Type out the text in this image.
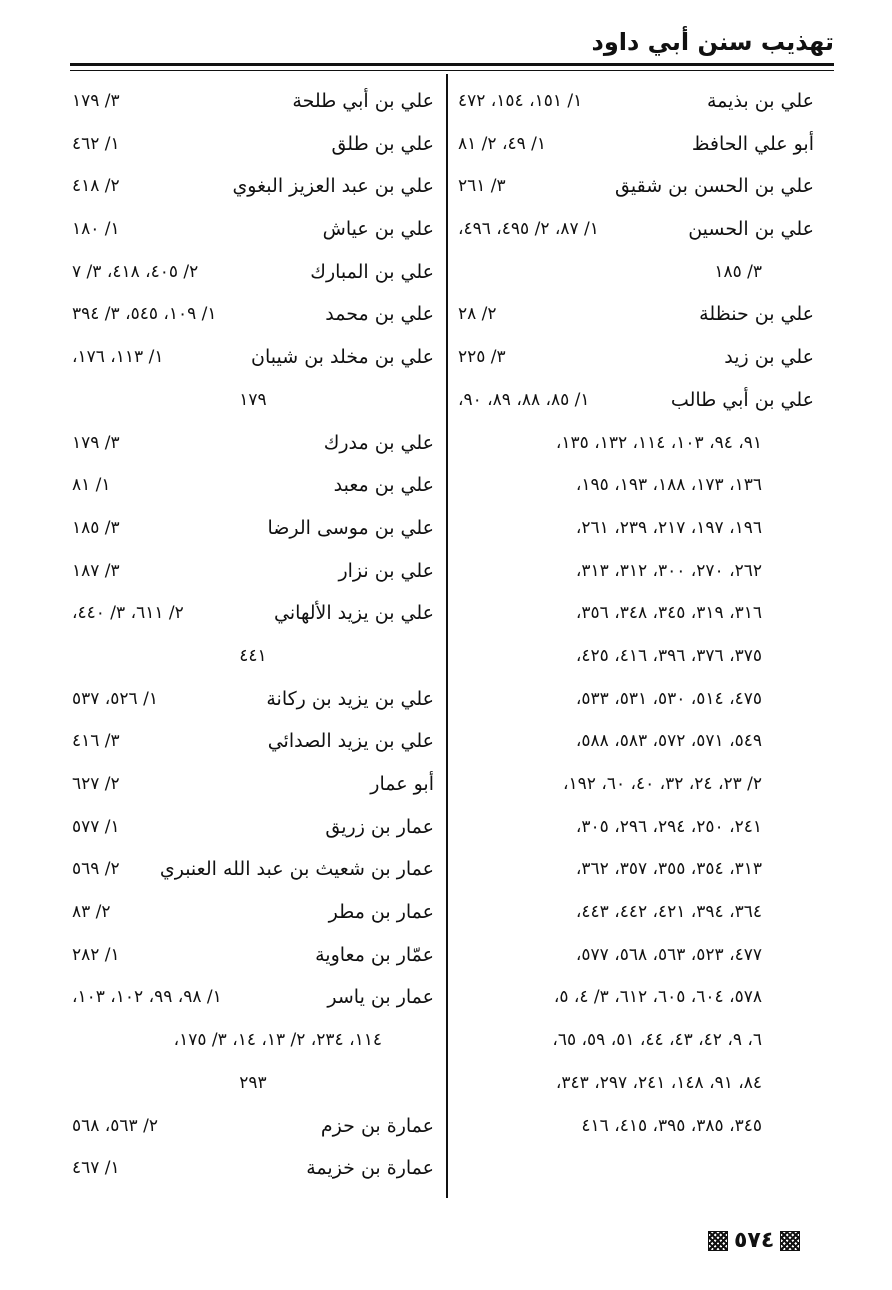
تهذيب سنن أبي داود
علي بن بذيمة
١/ ١٥١، ١٥٤، ٤٧٢
أبو علي الحافظ
١/ ٤٩، ٢/ ٨١
علي بن الحسن بن شقيق
٣/ ٢٦١
علي بن الحسين
١/ ٨٧، ٢/ ٤٩٥، ٤٩٦،
٣/ ١٨٥
علي بن حنظلة
٢/ ٢٨
علي بن زيد
٣/ ٢٢٥
علي بن أبي طالب
١/ ٨٥، ٨٨، ٨٩، ٩٠،
٩١، ٩٤، ١٠٣، ١١٤، ١٣٢، ١٣٥،
١٣٦، ١٧٣، ١٨٨، ١٩٣، ١٩٥،
١٩٦، ١٩٧، ٢١٧، ٢٣٩، ٢٦١،
٢٦٢، ٢٧٠، ٣٠٠، ٣١٢، ٣١٣،
٣١٦، ٣١٩، ٣٤٥، ٣٤٨، ٣٥٦،
٣٧٥، ٣٧٦، ٣٩٦، ٤١٦، ٤٢٥،
٤٧٥، ٥١٤، ٥٣٠، ٥٣١، ٥٣٣،
٥٤٩، ٥٧١، ٥٧٢، ٥٨٣، ٥٨٨،
٢/ ٢٣، ٢٤، ٣٢، ٤٠، ٦٠، ١٩٢،
٢٤١، ٢٥٠، ٢٩٤، ٢٩٦، ٣٠٥،
٣١٣، ٣٥٤، ٣٥٥، ٣٥٧، ٣٦٢،
٣٦٤، ٣٩٤، ٤٢١، ٤٤٢، ٤٤٣،
٤٧٧، ٥٢٣، ٥٦٣، ٥٦٨، ٥٧٧،
٥٧٨، ٦٠٤، ٦٠٥، ٦١٢، ٣/ ٤، ٥،
٦، ٩، ٤٢، ٤٣، ٤٤، ٥١، ٥٩، ٦٥،
٨٤، ٩١، ١٤٨، ٢٤١، ٢٩٧، ٣٤٣،
٣٤٥، ٣٨٥، ٣٩٥، ٤١٥، ٤١٦
علي بن أبي طلحة
٣/ ١٧٩
علي بن طلق
١/ ٤٦٢
علي بن عبد العزيز البغوي
٢/ ٤١٨
علي بن عياش
١/ ١٨٠
علي بن المبارك
٢/ ٤٠٥، ٤١٨، ٣/ ٧
علي بن محمد
١/ ١٠٩، ٥٤٥، ٣/ ٣٩٤
علي بن مخلد بن شيبان
١/ ١١٣، ١٧٦،
١٧٩
علي بن مدرك
٣/ ١٧٩
علي بن معبد
١/ ٨١
علي بن موسى الرضا
٣/ ١٨٥
علي بن نزار
٣/ ١٨٧
علي بن يزيد الألهاني
٢/ ٦١١، ٣/ ٤٤٠،
٤٤١
علي بن يزيد بن ركانة
١/ ٥٢٦، ٥٣٧
علي بن يزيد الصدائي
٣/ ٤١٦
أبو عمار
٢/ ٦٢٧
عمار بن زريق
١/ ٥٧٧
عمار بن شعيث بن عبد الله العنبري
٢/ ٥٦٩
عمار بن مطر
٢/ ٨٣
عمّار بن معاوية
١/ ٢٨٢
عمار بن ياسر
١/ ٩٨، ٩٩، ١٠٢، ١٠٣،
١١٤، ٢٣٤، ٢/ ١٣، ١٤، ٣/ ١٧٥،
٢٩٣
عمارة بن حزم
٢/ ٥٦٣، ٥٦٨
عمارة بن خزيمة
١/ ٤٦٧
٥٧٤
